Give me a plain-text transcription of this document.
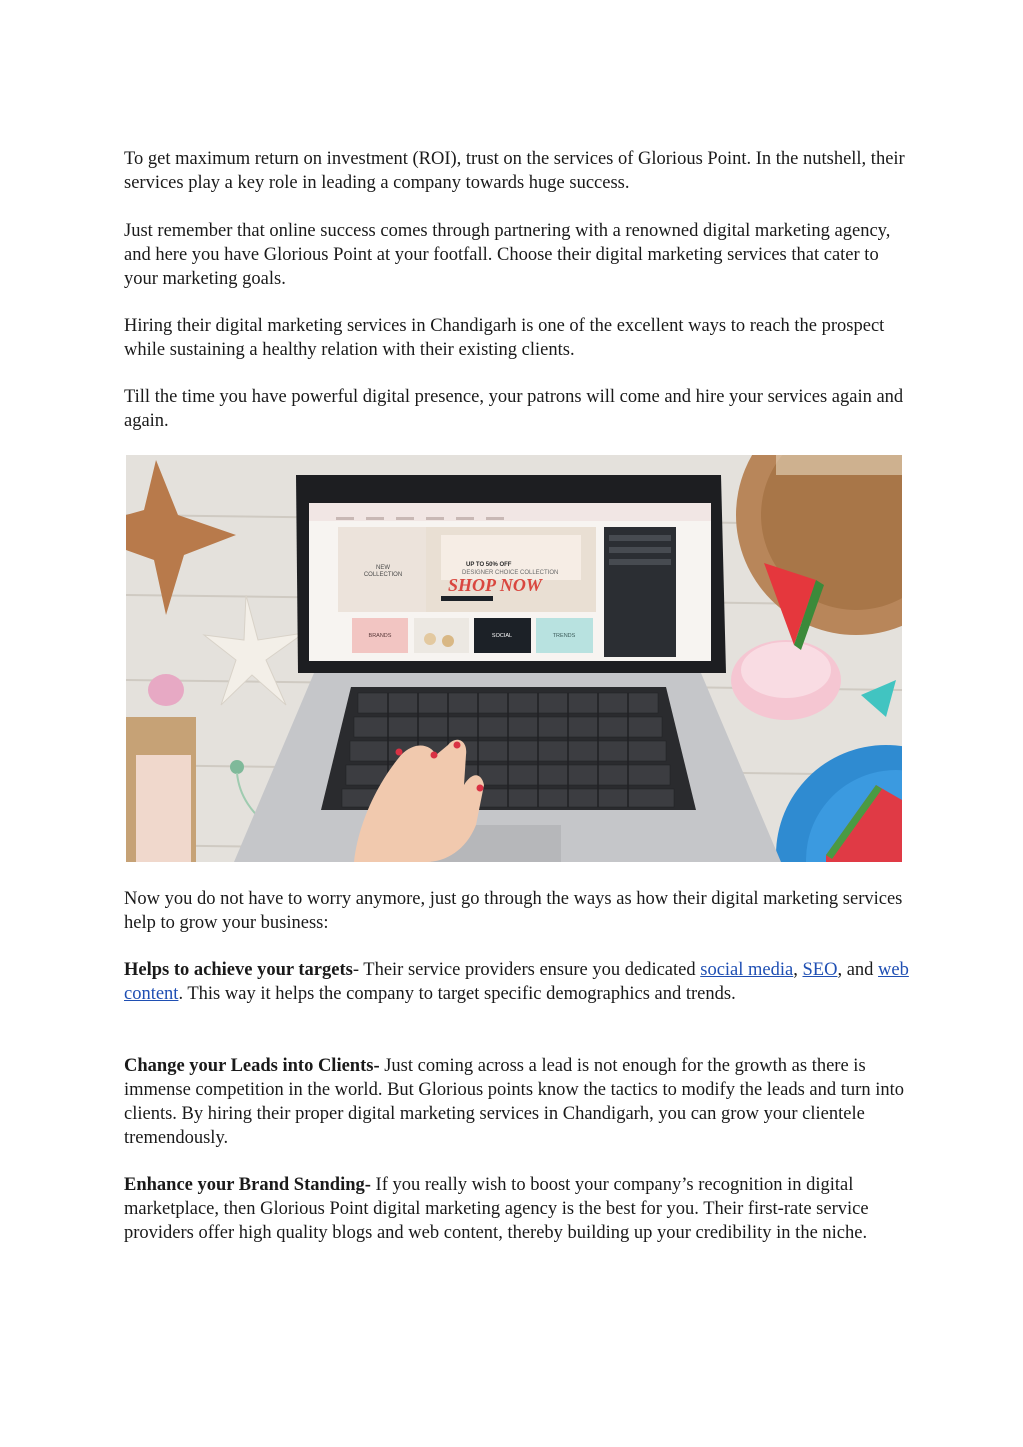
To get maximum return on investment (ROI), trust on the services of Glorious Point. In the nutshell, their services play a key role in leading a company towards huge success.

Just remember that online success comes through partnering with a renowned digital marketing agency, and here you have Glorious Point at your footfall. Choose their digital marketing services that cater to your marketing goals.

Hiring their digital marketing services in Chandigarh is one of the excellent ways to reach the prospect while sustaining a healthy relation with their existing clients.

Till the time you have powerful digital presence, your patrons will come and hire your services again and again.

Now you do not have to worry anymore, just go through the ways as how their digital marketing services help to grow your business:

Helps to achieve your targets- Their service providers ensure you dedicated social media, SEO, and web content. This way it helps the company to target specific demographics and trends.

Change your Leads into Clients- Just coming across a lead is not enough for the growth as there is immense competition in the world. But Glorious points know the tactics to modify the leads and turn into clients. By hiring their proper digital marketing services in Chandigarh, you can grow your clientele tremendously.

Enhance your Brand Standing- If you really wish to boost your company’s recognition in digital marketplace, then Glorious Point digital marketing agency is the best for you. Their first-rate service providers offer high quality blogs and web content, thereby building up your credibility in the niche.

NEW
COLLECTION
UP TO 50% OFF
DESIGNER CHOICE COLLECTION
SHOP NOW
BRANDS	SOCIAL	TRENDS
